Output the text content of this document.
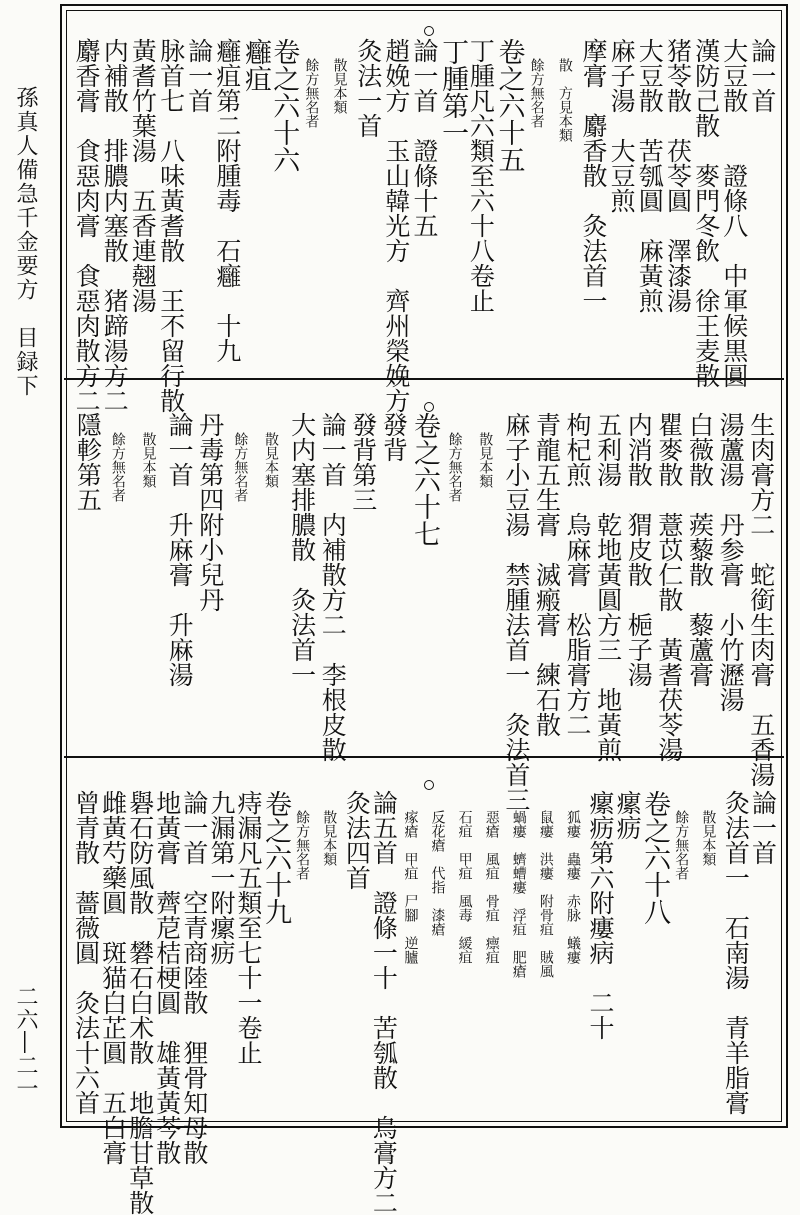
孫真人備急千金要方　目録下
二六―二一
論一首
大豆散　　證條八　中軍候黒圓
漢防己散　麥門冬飲　徐王麦散
猪苓散　茯苓圓　澤漆湯
大豆散　苦瓠圓　麻黃煎
麻子湯　大豆煎
摩膏　麝香散　灸法首一
散　方見本類
餘方無名者
卷之六十五
丁腫凡六類至六十八卷止
丁腫第一
論一首　證條十五
趙娩方　玉山韓光方　齊州榮娩方
灸法一首
散見本類
餘方無名者
卷之六十六
癰疽
癰疽第二附腫毒　石癰　十九
論一首
脉首七　八味黃耆散　王不留行散
黃耆竹葉湯　五香連翹湯
内補散　排膿内塞散　猪蹄湯方二
麝香膏　食惡肉膏　食惡肉散方二
生肉膏方二　蛇銜生肉膏　五香湯
湯蘆湯　丹参膏　小竹瀝湯
白薇散　蒺藜散　藜蘆膏
瞿麥散　薏苡仁散　黃耆茯苓湯
内消散　猬皮散　梔子湯
五利湯　乾地黃圓方三　地黃煎
枸杞煎　烏麻膏　松脂膏方二
青龍五生膏　滅瘢膏　練石散
麻子小豆湯　禁腫法首一　灸法首三
散見本類
餘方無名者
卷之六十七
發背
發背第三
論一首　内補散方二　李根皮散
大内塞排膿散　灸法首一
散見本類
餘方無名者
丹毒第四附小兒丹
論一首　升麻膏　升麻湯
散見本類
餘方無名者
隱軫第五
論一首
灸法首一　石南湯　青羊脂膏
散見本類
餘方無名者
卷之六十八
瘰疬
瘰疬第六附瘻病　二十
狐瘻　蟲瘻　赤脉　蟻瘻
鼠瘻　洪瘻　附骨疽　賊風
蝸瘻　蠐螬瘻　浮疽　肥瘡
惡瘡　風疽　骨疽　瘭疽
石疽　甲疽　風毒　緩疽
反花瘡　代指　漆瘡
瘃瘡　甲疽　尸腳　逆臚
論五首　證條一十　苦瓠散　烏膏方二
灸法四首
散見本類
餘方無名者
卷之六十九
痔漏凡五類至七十一卷止
九漏第一附瘰疬
論一首　空青商陸散　狸骨知母散
地黃膏　薺苨桔梗圓　雄黃黃芩散
礜石防風散　礬石白术散　地膽甘草散
雌黃芍藥圓　斑猫白芷圓　五白膏
曾青散　薔薇圓　灸法十六首
